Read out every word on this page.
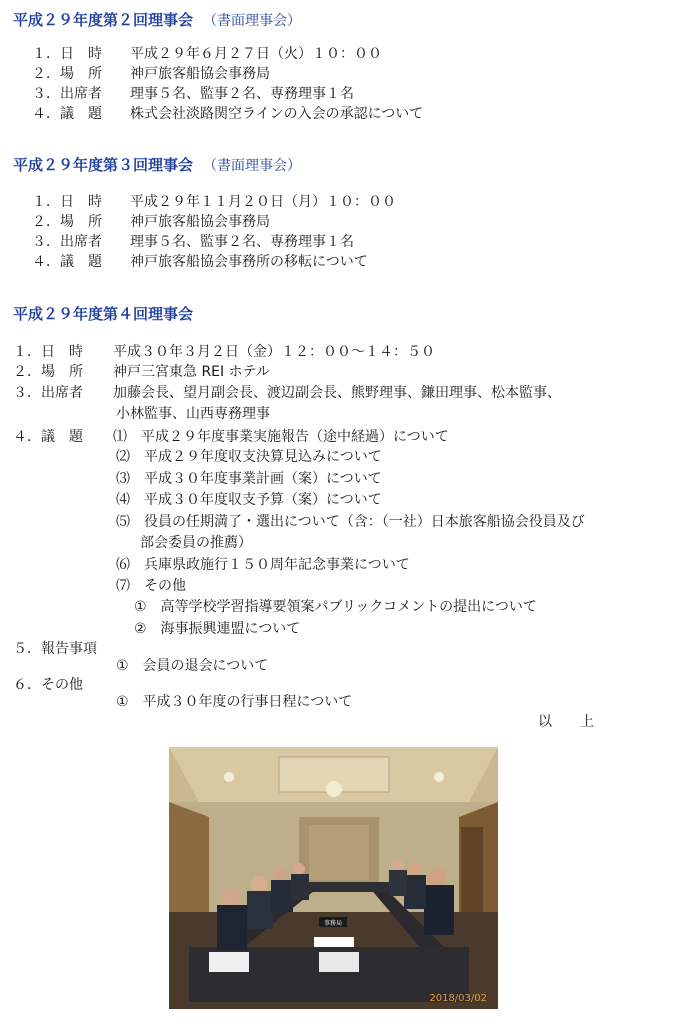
平成２９年度第２回理事会 （書面理事会）
１．日　時 平成２９年６月２７日（火）１０：００
２．場　所 神戸旅客船協会事務局
３．出席者 理事５名、監事２名、専務理事１名
４．議　題 株式会社淡路関空ラインの入会の承認について
平成２９年度第３回理事会 （書面理事会）
１．日　時 平成２９年１１月２０日（月）１０：００
２．場　所 神戸旅客船協会事務局
３．出席者 理事５名、監事２名、専務理事１名
４．議　題 神戸旅客船協会事務所の移転について
平成２９年度第４回理事会
１．日　時 平成３０年３月２日（金）１２：００～１４：５０
２．場　所 神戸三宮東急 REI ホテル
３．出席者 加藤会長、望月副会長、渡辺副会長、熊野理事、鎌田理事、松本監事、
小林監事、山西専務理事
４．議　題 ⑴　平成２９年度事業実施報告（途中経過）について
⑵　平成２９年度収支決算見込みについて
⑶　平成３０年度事業計画（案）について
⑷　平成３０年度収支予算（案）について
⑸　役員の任期満了・選出について（含：（一社）日本旅客船協会役員及び
部会委員の推薦）
⑹　兵庫県政施行１５０周年記念事業について
⑺　その他
①　高等学校学習指導要領案パブリックコメントの提出について
②　海事振興連盟について
５．報告事項
①　会員の退会について
６．その他
①　平成３０年度の行事日程について
以　　上
事務局
2018/03/02
